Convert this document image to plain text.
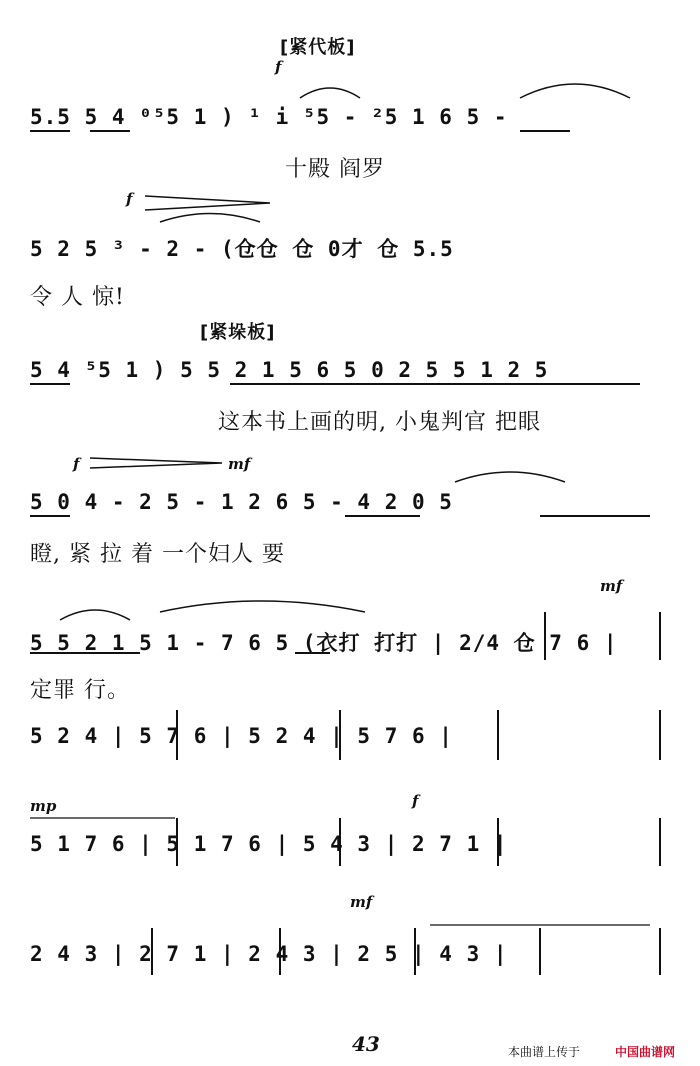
[紧代板]
[紧垛板]
f
f
f	mf
mf
mp	f
mf
5.5 5 4 ⁰⁵5 1 ) ¹ i ⁵5 - ²5 1 6 5 -
十殿 阎罗
5 2 5 ³ - 2 - (仓仓 仓 0才 仓 5.5
令 人 惊!
5 4 ⁵5 1 ) 5 5 2 1 5 6 5 0 2 5 5 1 2 5
这本书上画的明, 小鬼判官 把眼
5 0 4 - 2 5 - 1 2 6 5 - 4 2 0 5
瞪, 紧 拉 着 一个妇人 要
5 5 2 1 5 1 - 7 6 5 (衣打 打打 | 2/4 仓 7 6 |
定罪 行。
5 2 4 | 5 7 6 | 5 2 4 | 5 7 6 |
5 1 7 6 | 5 1 7 6 | 5 4 3 | 2 7 1 |
2 4 3 | 2 7 1 | 2 4 3 | 2 5 | 4 3 |
43	本曲谱上传于	中国曲谱网
